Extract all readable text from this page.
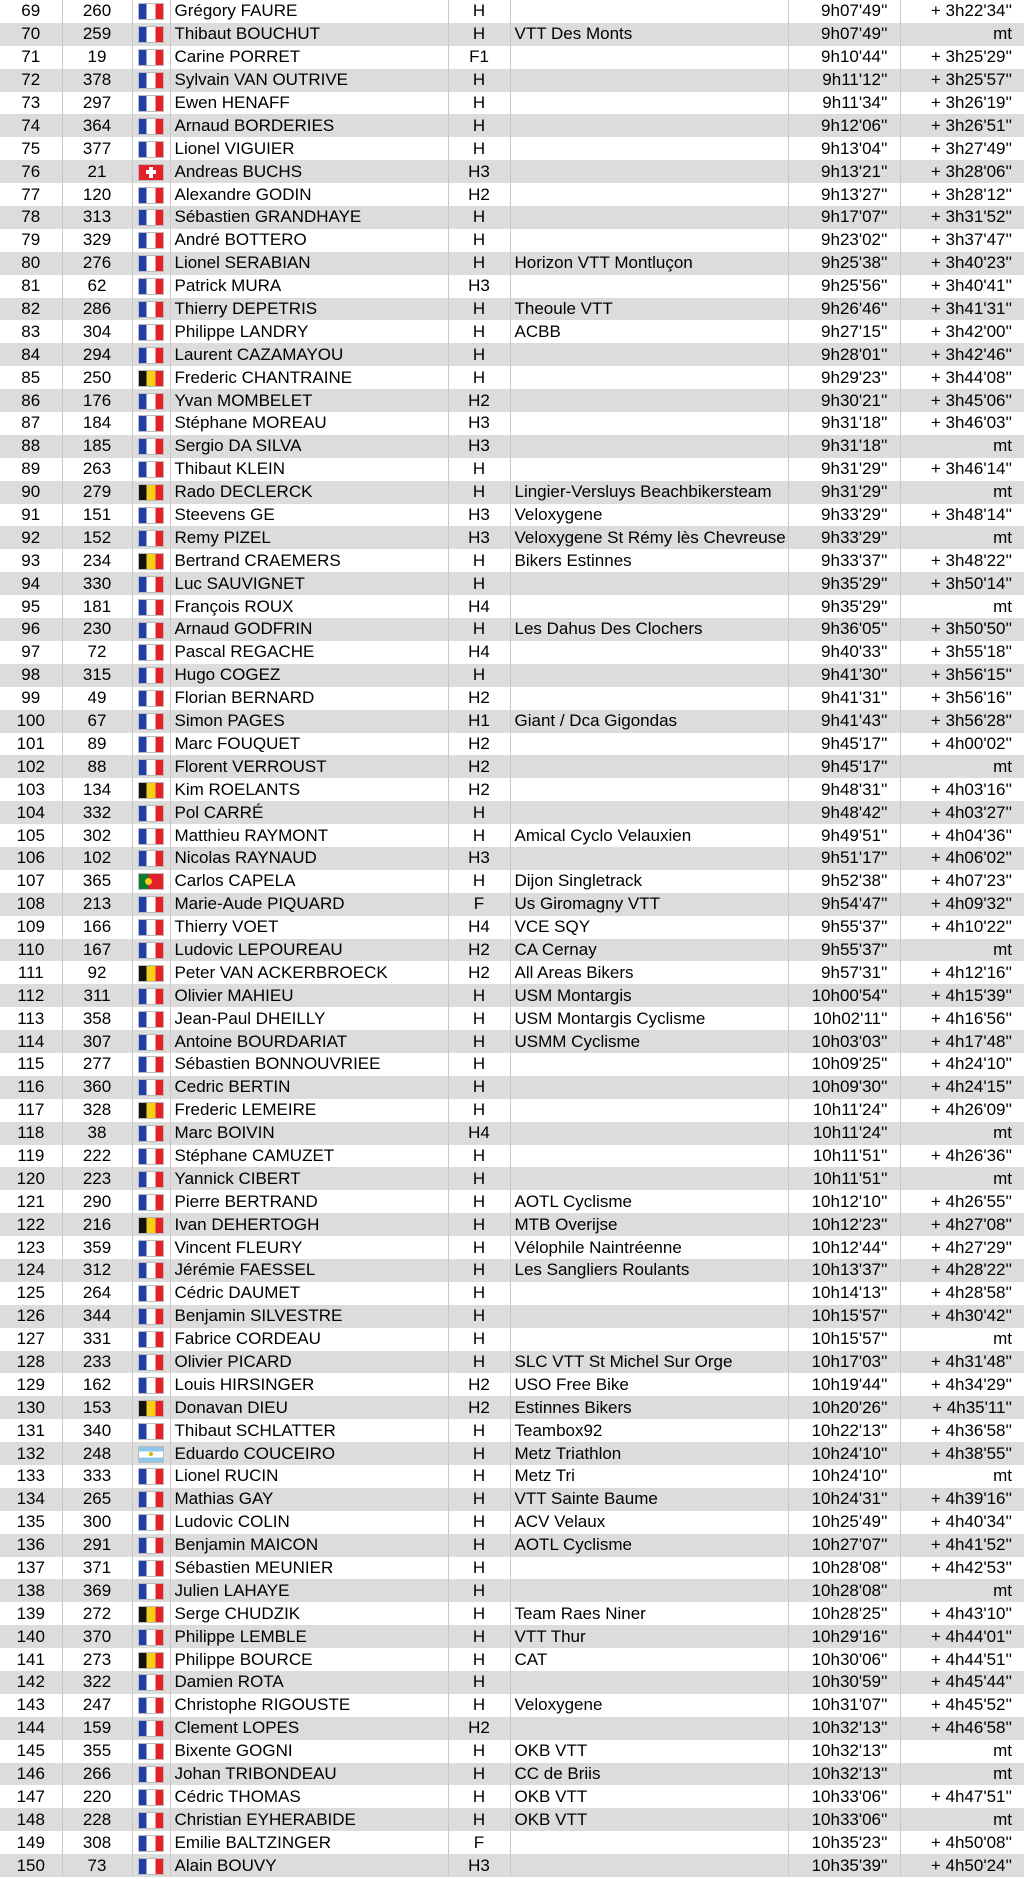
69	260		Grégory FAURE	H		9h07'49''	+ 3h22'34''
70	259		Thibaut BOUCHUT	H	VTT Des Monts	9h07'49''	mt
71	19		Carine PORRET	F1		9h10'44''	+ 3h25'29''
72	378		Sylvain VAN OUTRIVE	H		9h11'12''	+ 3h25'57''
73	297		Ewen HENAFF	H		9h11'34''	+ 3h26'19''
74	364		Arnaud BORDERIES	H		9h12'06''	+ 3h26'51''
75	377		Lionel VIGUIER	H		9h13'04''	+ 3h27'49''
76	21		Andreas BUCHS	H3		9h13'21''	+ 3h28'06''
77	120		Alexandre GODIN	H2		9h13'27''	+ 3h28'12''
78	313		Sébastien GRANDHAYE	H		9h17'07''	+ 3h31'52''
79	329		André BOTTERO	H		9h23'02''	+ 3h37'47''
80	276		Lionel SERABIAN	H	Horizon VTT Montluçon	9h25'38''	+ 3h40'23''
81	62		Patrick MURA	H3		9h25'56''	+ 3h40'41''
82	286		Thierry DEPETRIS	H	Theoule VTT	9h26'46''	+ 3h41'31''
83	304		Philippe LANDRY	H	ACBB	9h27'15''	+ 3h42'00''
84	294		Laurent CAZAMAYOU	H		9h28'01''	+ 3h42'46''
85	250		Frederic CHANTRAINE	H		9h29'23''	+ 3h44'08''
86	176		Yvan MOMBELET	H2		9h30'21''	+ 3h45'06''
87	184		Stéphane MOREAU	H3		9h31'18''	+ 3h46'03''
88	185		Sergio DA SILVA	H3		9h31'18''	mt
89	263		Thibaut KLEIN	H		9h31'29''	+ 3h46'14''
90	279		Rado DECLERCK	H	Lingier-Versluys Beachbikersteam	9h31'29''	mt
91	151		Steevens GE	H3	Veloxygene	9h33'29''	+ 3h48'14''
92	152		Remy PIZEL	H3	Veloxygene St Rémy lès Chevreuse	9h33'29''	mt
93	234		Bertrand CRAEMERS	H	Bikers Estinnes	9h33'37''	+ 3h48'22''
94	330		Luc SAUVIGNET	H		9h35'29''	+ 3h50'14''
95	181		François ROUX	H4		9h35'29''	mt
96	230		Arnaud GODFRIN	H	Les Dahus Des Clochers	9h36'05''	+ 3h50'50''
97	72		Pascal REGACHE	H4		9h40'33''	+ 3h55'18''
98	315		Hugo COGEZ	H		9h41'30''	+ 3h56'15''
99	49		Florian BERNARD	H2		9h41'31''	+ 3h56'16''
100	67		Simon PAGES	H1	Giant / Dca Gigondas	9h41'43''	+ 3h56'28''
101	89		Marc FOUQUET	H2		9h45'17''	+ 4h00'02''
102	88		Florent VERROUST	H2		9h45'17''	mt
103	134		Kim ROELANTS	H2		9h48'31''	+ 4h03'16''
104	332		Pol CARRÉ	H		9h48'42''	+ 4h03'27''
105	302		Matthieu RAYMONT	H	Amical Cyclo Velauxien	9h49'51''	+ 4h04'36''
106	102		Nicolas RAYNAUD	H3		9h51'17''	+ 4h06'02''
107	365		Carlos CAPELA	H	Dijon Singletrack	9h52'38''	+ 4h07'23''
108	213		Marie-Aude PIQUARD	F	Us Giromagny VTT	9h54'47''	+ 4h09'32''
109	166		Thierry VOET	H4	VCE SQY	9h55'37''	+ 4h10'22''
110	167		Ludovic LEPOUREAU	H2	CA Cernay	9h55'37''	mt
111	92		Peter VAN ACKERBROECK	H2	All Areas Bikers	9h57'31''	+ 4h12'16''
112	311		Olivier MAHIEU	H	USM Montargis	10h00'54''	+ 4h15'39''
113	358		Jean-Paul DHEILLY	H	USM Montargis Cyclisme	10h02'11''	+ 4h16'56''
114	307		Antoine BOURDARIAT	H	USMM Cyclisme	10h03'03''	+ 4h17'48''
115	277		Sébastien BONNOUVRIEE	H		10h09'25''	+ 4h24'10''
116	360		Cedric BERTIN	H		10h09'30''	+ 4h24'15''
117	328		Frederic LEMEIRE	H		10h11'24''	+ 4h26'09''
118	38		Marc BOIVIN	H4		10h11'24''	mt
119	222		Stéphane CAMUZET	H		10h11'51''	+ 4h26'36''
120	223		Yannick CIBERT	H		10h11'51''	mt
121	290		Pierre BERTRAND	H	AOTL Cyclisme	10h12'10''	+ 4h26'55''
122	216		Ivan DEHERTOGH	H	MTB Overijse	10h12'23''	+ 4h27'08''
123	359		Vincent FLEURY	H	Vélophile Naintréenne	10h12'44''	+ 4h27'29''
124	312		Jérémie FAESSEL	H	Les Sangliers Roulants	10h13'37''	+ 4h28'22''
125	264		Cédric DAUMET	H		10h14'13''	+ 4h28'58''
126	344		Benjamin SILVESTRE	H		10h15'57''	+ 4h30'42''
127	331		Fabrice CORDEAU	H		10h15'57''	mt
128	233		Olivier PICARD	H	SLC VTT St Michel Sur Orge	10h17'03''	+ 4h31'48''
129	162		Louis HIRSINGER	H2	USO Free Bike	10h19'44''	+ 4h34'29''
130	153		Donavan DIEU	H2	Estinnes Bikers	10h20'26''	+ 4h35'11''
131	340		Thibaut SCHLATTER	H	Teambox92	10h22'13''	+ 4h36'58''
132	248		Eduardo COUCEIRO	H	Metz Triathlon	10h24'10''	+ 4h38'55''
133	333		Lionel RUCIN	H	Metz Tri	10h24'10''	mt
134	265		Mathias GAY	H	VTT Sainte Baume	10h24'31''	+ 4h39'16''
135	300		Ludovic COLIN	H	ACV Velaux	10h25'49''	+ 4h40'34''
136	291		Benjamin MAICON	H	AOTL Cyclisme	10h27'07''	+ 4h41'52''
137	371		Sébastien MEUNIER	H		10h28'08''	+ 4h42'53''
138	369		Julien LAHAYE	H		10h28'08''	mt
139	272		Serge CHUDZIK	H	Team Raes Niner	10h28'25''	+ 4h43'10''
140	370		Philippe LEMBLE	H	VTT Thur	10h29'16''	+ 4h44'01''
141	273		Philippe BOURCE	H	CAT	10h30'06''	+ 4h44'51''
142	322		Damien ROTA	H		10h30'59''	+ 4h45'44''
143	247		Christophe RIGOUSTE	H	Veloxygene	10h31'07''	+ 4h45'52''
144	159		Clement LOPES	H2		10h32'13''	+ 4h46'58''
145	355		Bixente GOGNI	H	OKB VTT	10h32'13''	mt
146	266		Johan TRIBONDEAU	H	CC de Briis	10h32'13''	mt
147	220		Cédric THOMAS	H	OKB VTT	10h33'06''	+ 4h47'51''
148	228		Christian EYHERABIDE	H	OKB VTT	10h33'06''	mt
149	308		Emilie BALTZINGER	F		10h35'23''	+ 4h50'08''
150	73		Alain BOUVY	H3		10h35'39''	+ 4h50'24''
